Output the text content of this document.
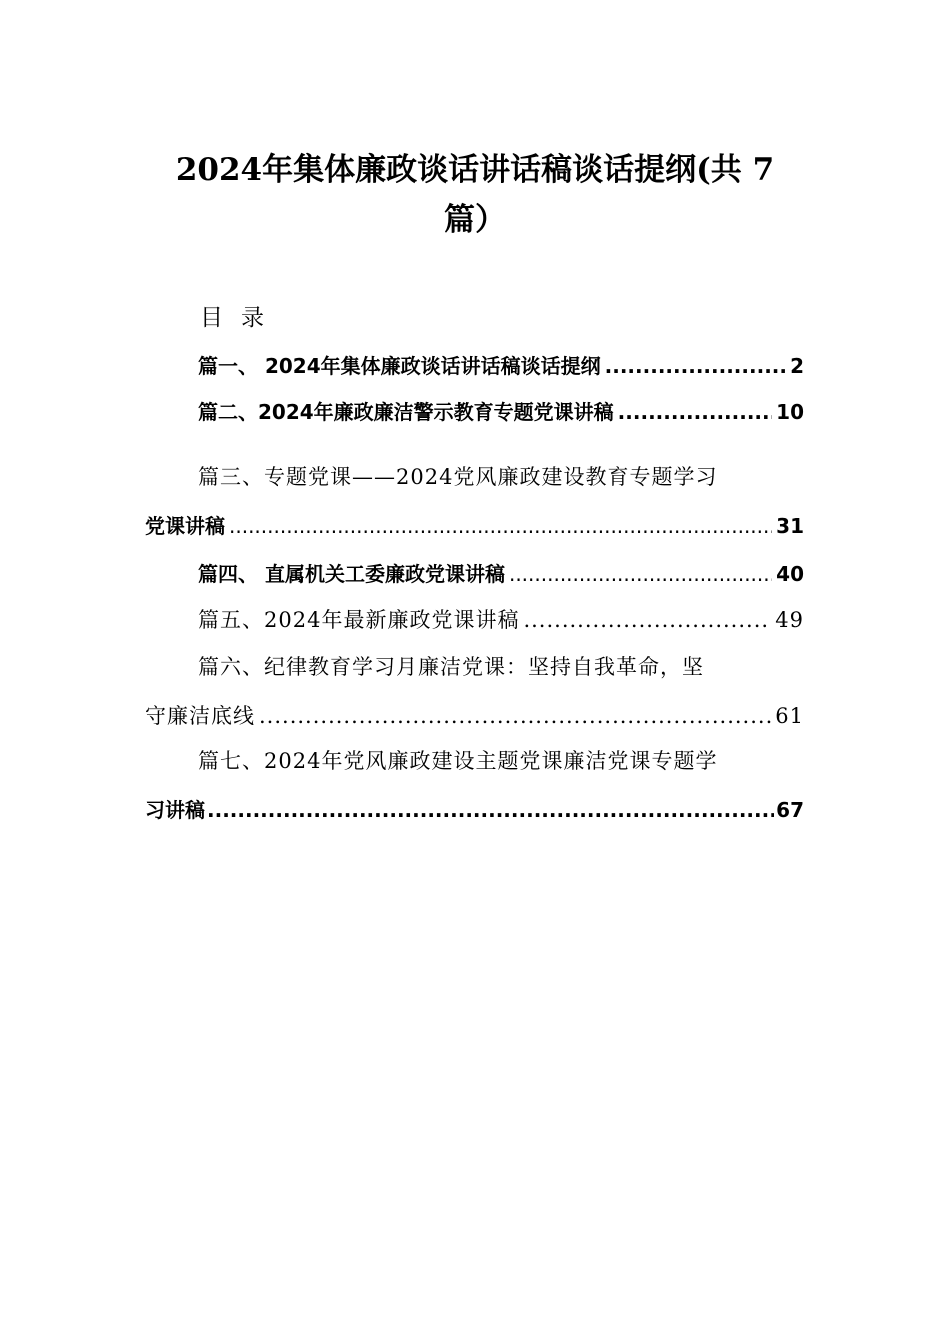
2024年集体廉政谈话讲话稿谈话提纲(共 7
篇）
目录
篇一、 2024年集体廉政谈话讲话稿谈话提纲 .....	2
篇二、2024年廉政廉洁警示教育专题党课讲稿 .....	10
篇三、专题党课——2024党风廉政建设教育专题学习
党课讲稿 .....	31
篇四、 直属机关工委廉政党课讲稿 .....	40
篇五、2024年最新廉政党课讲稿 .....	49
篇六、纪律教育学习月廉洁党课：坚持自我革命，坚
守廉洁底线 .....	61
篇七、2024年党风廉政建设主题党课廉洁党课专题学
习讲稿 .....	67
